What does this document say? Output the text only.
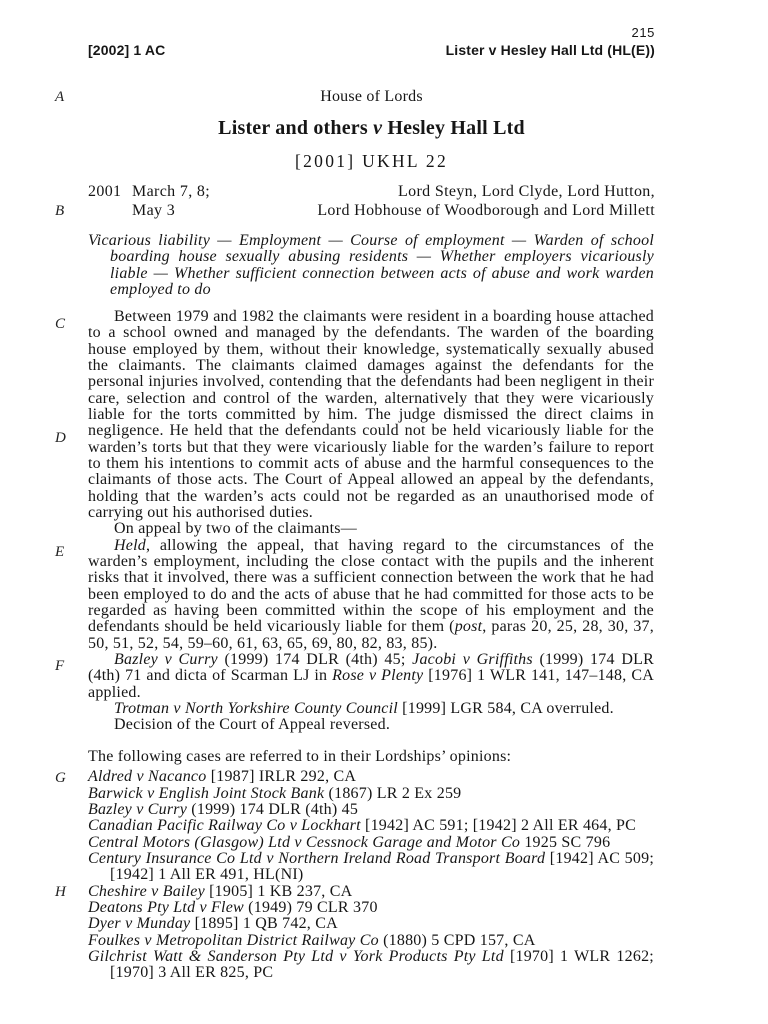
215
[2002] 1 AC	Lister v Hesley Hall Ltd (HL(E))
A
B
C
D
E
F
G
H
House of Lords
Lister and others v Hesley Hall Ltd
[2001] UKHL 22
2001 March 7, 8;	Lord Steyn, Lord Clyde, Lord Hutton,
May 3	Lord Hobhouse of Woodborough and Lord Millett
Vicarious liability — Employment — Course of employment — Warden of school boarding house sexually abusing residents — Whether employers vicariously liable — Whether sufficient connection between acts of abuse and work warden employed to do
Between 1979 and 1982 the claimants were resident in a boarding house attached to a school owned and managed by the defendants. The warden of the boarding house employed by them, without their knowledge, systematically sexually abused the claimants. The claimants claimed damages against the defendants for the personal injuries involved, contending that the defendants had been negligent in their care, selection and control of the warden, alternatively that they were vicariously liable for the torts committed by him. The judge dismissed the direct claims in negligence. He held that the defendants could not be held vicariously liable for the warden’s torts but that they were vicariously liable for the warden’s failure to report to them his intentions to commit acts of abuse and the harmful consequences to the claimants of those acts. The Court of Appeal allowed an appeal by the defendants, holding that the warden’s acts could not be regarded as an unauthorised mode of carrying out his authorised duties.
On appeal by two of the claimants—
Held, allowing the appeal, that having regard to the circumstances of the warden’s employment, including the close contact with the pupils and the inherent risks that it involved, there was a sufficient connection between the work that he had been employed to do and the acts of abuse that he had committed for those acts to be regarded as having been committed within the scope of his employment and the defendants should be held vicariously liable for them (post, paras 20, 25, 28, 30, 37, 50, 51, 52, 54, 59–60, 61, 63, 65, 69, 80, 82, 83, 85).
Bazley v Curry (1999) 174 DLR (4th) 45; Jacobi v Griffiths (1999) 174 DLR (4th) 71 and dicta of Scarman LJ in Rose v Plenty [1976] 1 WLR 141, 147–148, CA applied.
Trotman v North Yorkshire County Council [1999] LGR 584, CA overruled.
Decision of the Court of Appeal reversed.
The following cases are referred to in their Lordships’ opinions:
Aldred v Nacanco [1987] IRLR 292, CA
Barwick v English Joint Stock Bank (1867) LR 2 Ex 259
Bazley v Curry (1999) 174 DLR (4th) 45
Canadian Pacific Railway Co v Lockhart [1942] AC 591; [1942] 2 All ER 464, PC
Central Motors (Glasgow) Ltd v Cessnock Garage and Motor Co 1925 SC 796
Century Insurance Co Ltd v Northern Ireland Road Transport Board [1942] AC 509; [1942] 1 All ER 491, HL(NI)
Cheshire v Bailey [1905] 1 KB 237, CA
Deatons Pty Ltd v Flew (1949) 79 CLR 370
Dyer v Munday [1895] 1 QB 742, CA
Foulkes v Metropolitan District Railway Co (1880) 5 CPD 157, CA
Gilchrist Watt & Sanderson Pty Ltd v York Products Pty Ltd [1970] 1 WLR 1262; [1970] 3 All ER 825, PC
